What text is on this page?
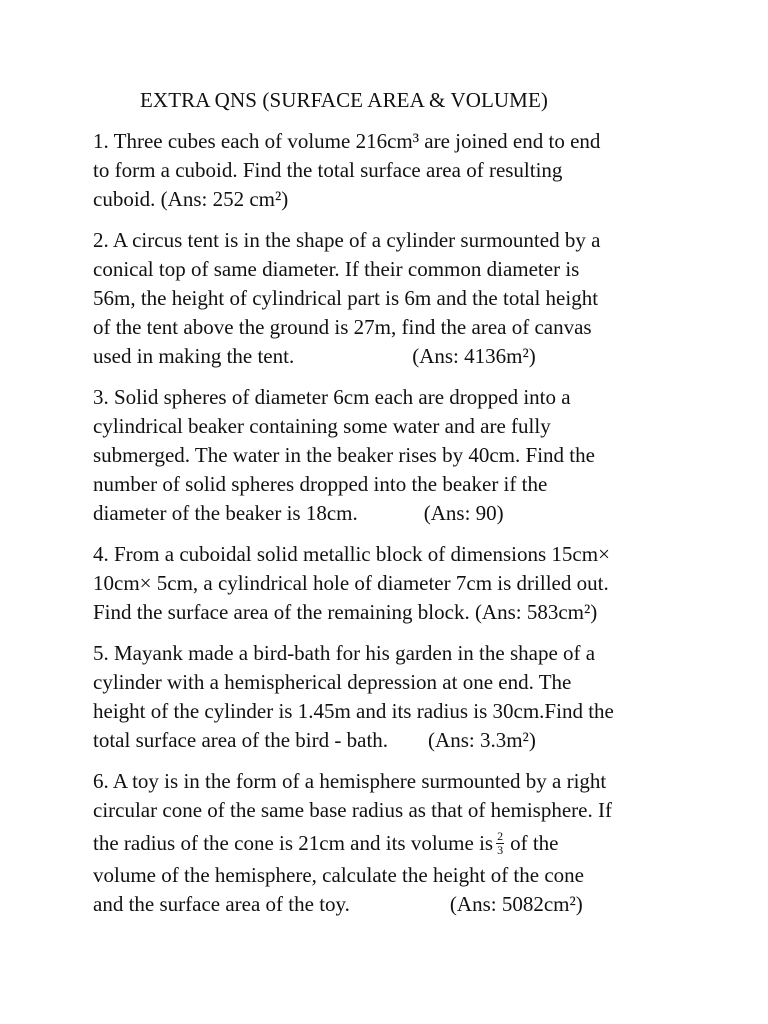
EXTRA QNS (SURFACE AREA & VOLUME)
1. Three cubes each of volume 216cm³ are joined end to end
to form a cuboid. Find the total surface area of resulting
cuboid. (Ans: 252 cm²)
2. A circus tent is in the shape of a cylinder surmounted by a
conical top of same diameter. If their common diameter is
56m, the height of cylindrical part is 6m and the total height
of the tent above the ground is 27m, find the area of canvas
used in making the tent.	(Ans: 4136m²)
3. Solid spheres of diameter 6cm each are dropped into a
cylindrical beaker containing some water and are fully
submerged. The water in the beaker rises by 40cm. Find the
number of solid spheres dropped into the beaker if the
diameter of the beaker is 18cm.	(Ans: 90)
4. From a cuboidal solid metallic block of dimensions 15cm×
10cm× 5cm, a cylindrical hole of diameter 7cm is drilled out.
Find the surface area of the remaining block. (Ans: 583cm²)
5. Mayank made a bird-bath for his garden in the shape of a
cylinder with a hemispherical depression at one end. The
height of the cylinder is 1.45m and its radius is 30cm.Find the
total surface area of the bird - bath. (Ans: 3.3m²)
6. A toy is in the form of a hemisphere surmounted by a right
circular cone of the same base radius as that of hemisphere. If
the radius of the cone is 21cm and its volume is $\frac{2}{3}$ of the
volume of the hemisphere, calculate the height of the cone
and the surface area of the toy.	(Ans: 5082cm²)
